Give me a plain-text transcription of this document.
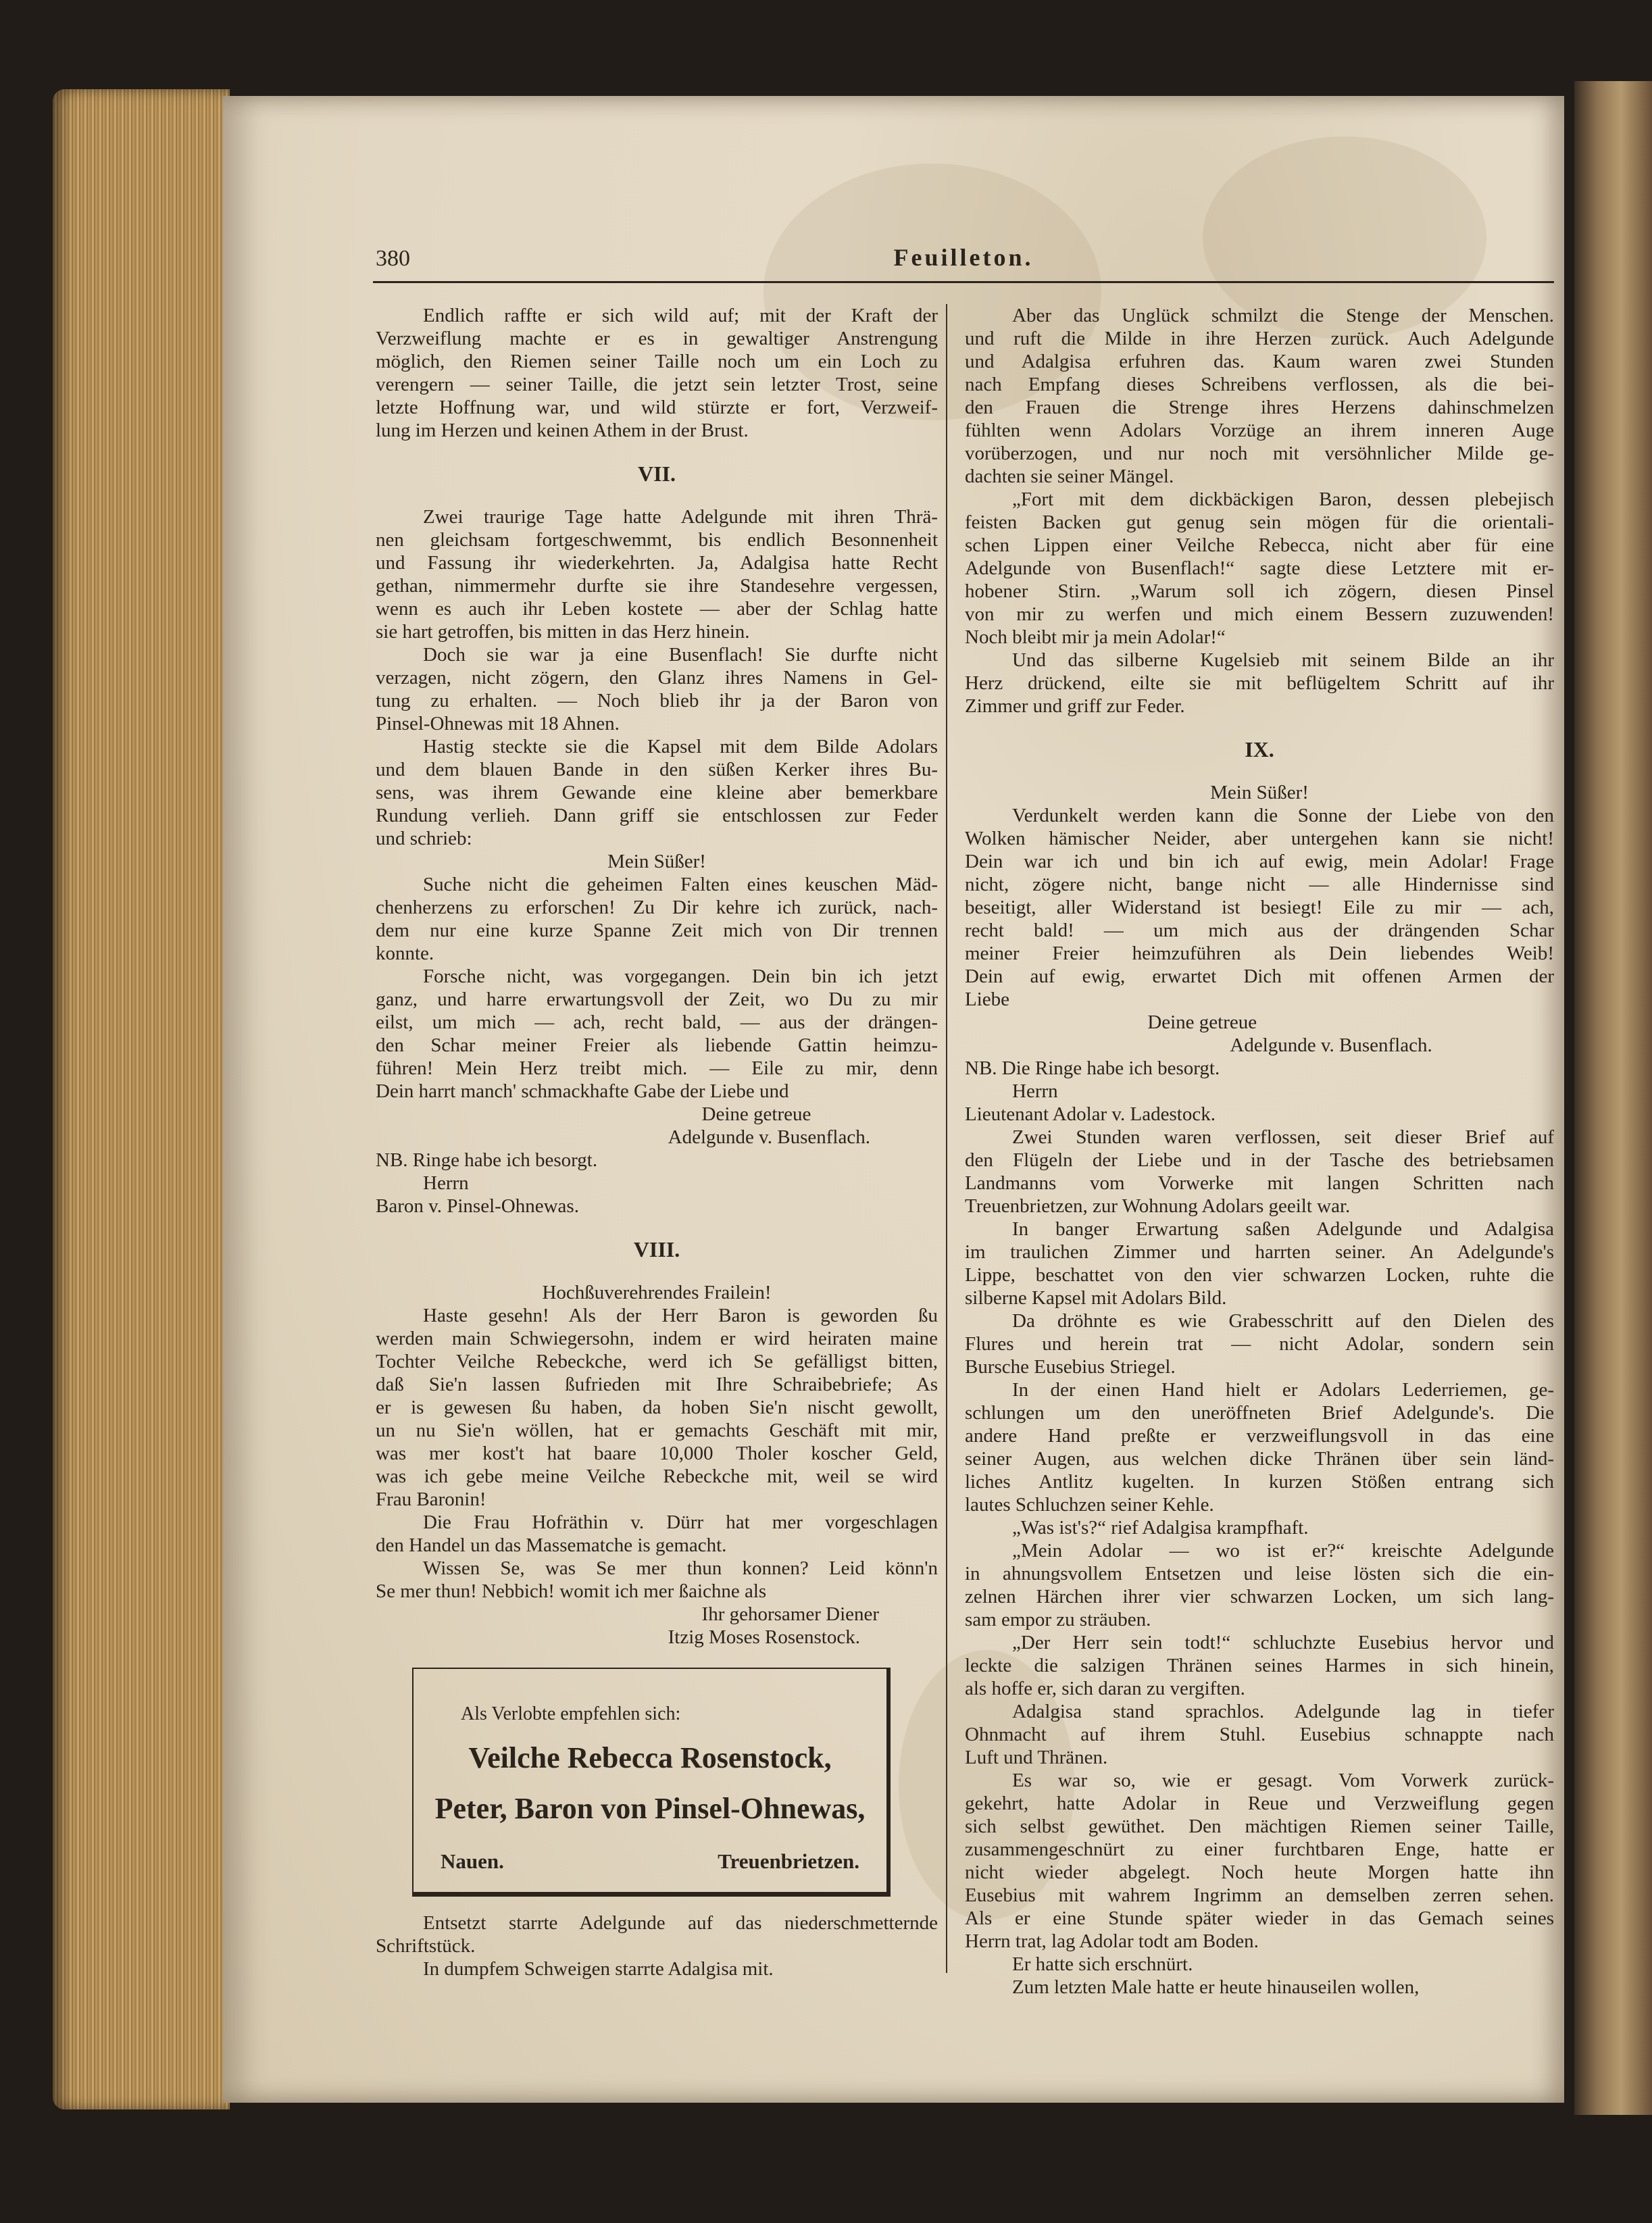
380	Feuilleton.
Endlich raffte er sich wild auf; mit der Kraft der
Verzweiflung machte er es in gewaltiger Anstrengung
möglich, den Riemen seiner Taille noch um ein Loch zu
verengern — seiner Taille, die jetzt sein letzter Trost, seine
letzte Hoffnung war, und wild stürzte er fort, Verzweif-
lung im Herzen und keinen Athem in der Brust.
VII.
Zwei traurige Tage hatte Adelgunde mit ihren Thrä-
nen gleichsam fortgeschwemmt, bis endlich Besonnenheit
und Fassung ihr wiederkehrten. Ja, Adalgisa hatte Recht
gethan, nimmermehr durfte sie ihre Standesehre vergessen,
wenn es auch ihr Leben kostete — aber der Schlag hatte
sie hart getroffen, bis mitten in das Herz hinein.
Doch sie war ja eine Busenflach! Sie durfte nicht
verzagen, nicht zögern, den Glanz ihres Namens in Gel-
tung zu erhalten. — Noch blieb ihr ja der Baron von
Pinsel-Ohnewas mit 18 Ahnen.
Hastig steckte sie die Kapsel mit dem Bilde Adolars
und dem blauen Bande in den süßen Kerker ihres Bu-
sens, was ihrem Gewande eine kleine aber bemerkbare
Rundung verlieh. Dann griff sie entschlossen zur Feder
und schrieb:
Mein Süßer!
Suche nicht die geheimen Falten eines keuschen Mäd-
chenherzens zu erforschen! Zu Dir kehre ich zurück, nach-
dem nur eine kurze Spanne Zeit mich von Dir trennen
konnte.
Forsche nicht, was vorgegangen. Dein bin ich jetzt
ganz, und harre erwartungsvoll der Zeit, wo Du zu mir
eilst, um mich — ach, recht bald, — aus der drängen-
den Schar meiner Freier als liebende Gattin heimzu-
führen! Mein Herz treibt mich. — Eile zu mir, denn
Dein harrt manch' schmackhafte Gabe der Liebe und
Deine getreue
Adelgunde v. Busenflach.
NB. Ringe habe ich besorgt.
Herrn
Baron v. Pinsel-Ohnewas.
VIII.
Hochßuverehrendes Frailein!
Haste gesehn! Als der Herr Baron is geworden ßu
werden main Schwiegersohn, indem er wird heiraten maine
Tochter Veilche Rebeckche, werd ich Se gefälligst bitten,
daß Sie'n lassen ßufrieden mit Ihre Schraibebriefe; As
er is gewesen ßu haben, da hoben Sie'n nischt gewollt,
un nu Sie'n wöllen, hat er gemachts Geschäft mit mir,
was mer kost't hat baare 10,000 Tholer koscher Geld,
was ich gebe meine Veilche Rebeckche mit, weil se wird
Frau Baronin!
Die Frau Hofräthin v. Dürr hat mer vorgeschlagen
den Handel un das Massematche is gemacht.
Wissen Se, was Se mer thun konnen? Leid könn'n
Se mer thun! Nebbich! womit ich mer ßaichne als
Ihr gehorsamer Diener
Itzig Moses Rosenstock.
Als Verlobte empfehlen sich:
Veilche Rebecca Rosenstock,
Peter, Baron von Pinsel-Ohnewas,
Nauen.	Treuenbrietzen.
Entsetzt starrte Adelgunde auf das niederschmetternde
Schriftstück.
In dumpfem Schweigen starrte Adalgisa mit.
Aber das Unglück schmilzt die Stenge der Menschen.
und ruft die Milde in ihre Herzen zurück. Auch Adelgunde
und Adalgisa erfuhren das. Kaum waren zwei Stunden
nach Empfang dieses Schreibens verflossen, als die bei-
den Frauen die Strenge ihres Herzens dahinschmelzen
fühlten wenn Adolars Vorzüge an ihrem inneren Auge
vorüberzogen, und nur noch mit versöhnlicher Milde ge-
dachten sie seiner Mängel.
„Fort mit dem dickbäckigen Baron, dessen plebejisch
feisten Backen gut genug sein mögen für die orientali-
schen Lippen einer Veilche Rebecca, nicht aber für eine
Adelgunde von Busenflach!“ sagte diese Letztere mit er-
hobener Stirn. „Warum soll ich zögern, diesen Pinsel
von mir zu werfen und mich einem Bessern zuzuwenden!
Noch bleibt mir ja mein Adolar!“
Und das silberne Kugelsieb mit seinem Bilde an ihr
Herz drückend, eilte sie mit beflügeltem Schritt auf ihr
Zimmer und griff zur Feder.
IX.
Mein Süßer!
Verdunkelt werden kann die Sonne der Liebe von den
Wolken hämischer Neider, aber untergehen kann sie nicht!
Dein war ich und bin ich auf ewig, mein Adolar! Frage
nicht, zögere nicht, bange nicht — alle Hindernisse sind
beseitigt, aller Widerstand ist besiegt! Eile zu mir — ach,
recht bald! — um mich aus der drängenden Schar
meiner Freier heimzuführen als Dein liebendes Weib!
Dein auf ewig, erwartet Dich mit offenen Armen der
Liebe
Deine getreue
Adelgunde v. Busenflach.
NB. Die Ringe habe ich besorgt.
Herrn
Lieutenant Adolar v. Ladestock.
Zwei Stunden waren verflossen, seit dieser Brief auf
den Flügeln der Liebe und in der Tasche des betriebsamen
Landmanns vom Vorwerke mit langen Schritten nach
Treuenbrietzen, zur Wohnung Adolars geeilt war.
In banger Erwartung saßen Adelgunde und Adalgisa
im traulichen Zimmer und harrten seiner. An Adelgunde's
Lippe, beschattet von den vier schwarzen Locken, ruhte die
silberne Kapsel mit Adolars Bild.
Da dröhnte es wie Grabesschritt auf den Dielen des
Flures und herein trat — nicht Adolar, sondern sein
Bursche Eusebius Striegel.
In der einen Hand hielt er Adolars Lederriemen, ge-
schlungen um den uneröffneten Brief Adelgunde's. Die
andere Hand preßte er verzweiflungsvoll in das eine
seiner Augen, aus welchen dicke Thränen über sein länd-
liches Antlitz kugelten. In kurzen Stößen entrang sich
lautes Schluchzen seiner Kehle.
„Was ist's?“ rief Adalgisa krampfhaft.
„Mein Adolar — wo ist er?“ kreischte Adelgunde
in ahnungsvollem Entsetzen und leise lösten sich die ein-
zelnen Härchen ihrer vier schwarzen Locken, um sich lang-
sam empor zu sträuben.
„Der Herr sein todt!“ schluchzte Eusebius hervor und
leckte die salzigen Thränen seines Harmes in sich hinein,
als hoffe er, sich daran zu vergiften.
Adalgisa stand sprachlos. Adelgunde lag in tiefer
Ohnmacht auf ihrem Stuhl. Eusebius schnappte nach
Luft und Thränen.
Es war so, wie er gesagt. Vom Vorwerk zurück-
gekehrt, hatte Adolar in Reue und Verzweiflung gegen
sich selbst gewüthet. Den mächtigen Riemen seiner Taille,
zusammengeschnürt zu einer furchtbaren Enge, hatte er
nicht wieder abgelegt. Noch heute Morgen hatte ihn
Eusebius mit wahrem Ingrimm an demselben zerren sehen.
Als er eine Stunde später wieder in das Gemach seines
Herrn trat, lag Adolar todt am Boden.
Er hatte sich erschnürt.
Zum letzten Male hatte er heute hinauseilen wollen,
